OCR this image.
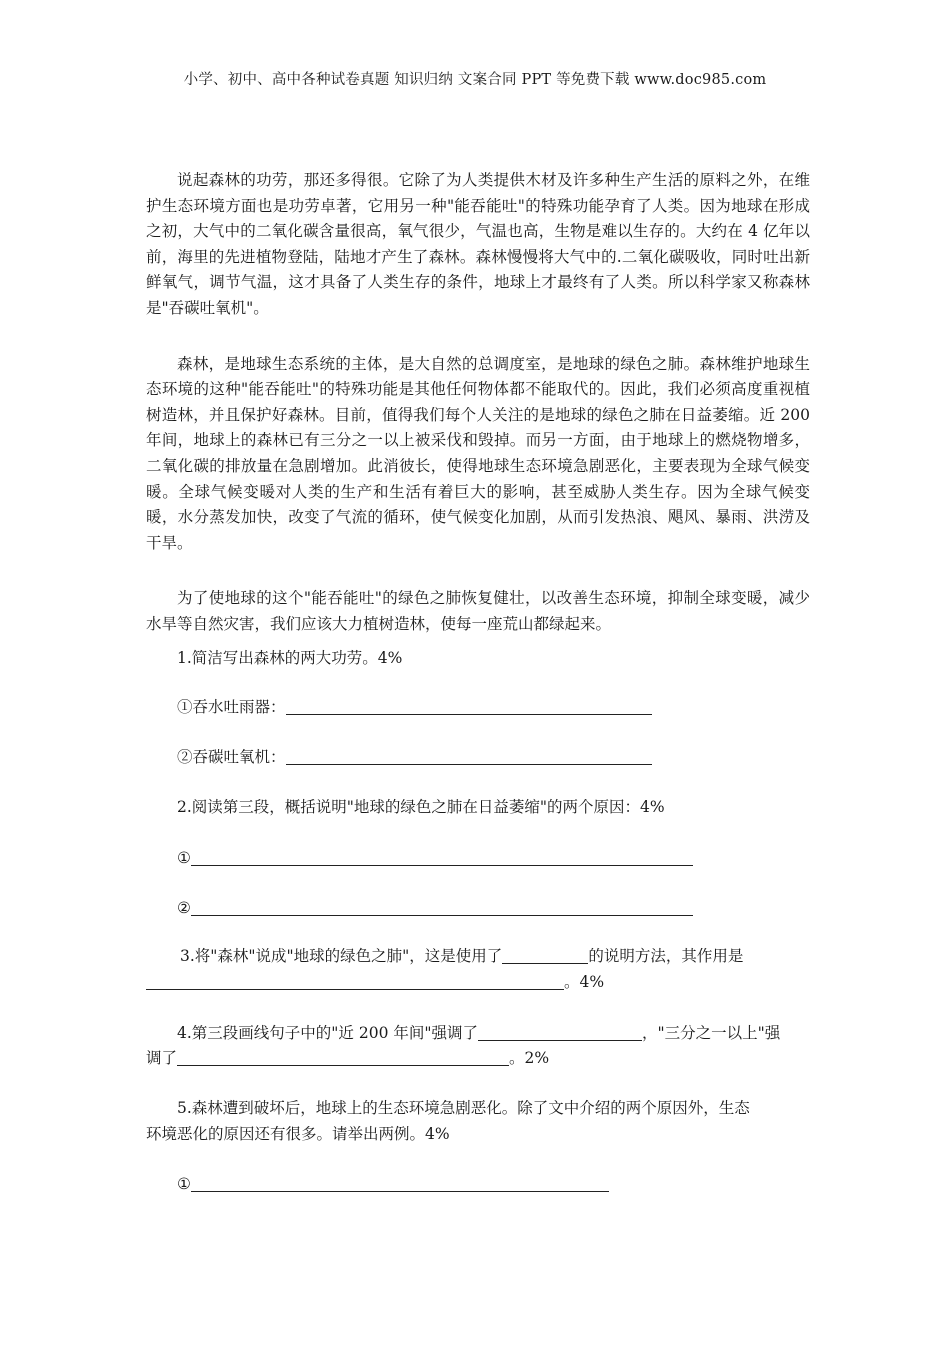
小学、初中、高中各种试卷真题 知识归纳 文案合同 PPT 等免费下载 www.doc985.com

说起森林的功劳，那还多得很。它除了为人类提供木材及许多种生产生活的原料之外，在维护生态环境方面也是功劳卓著，它用另一种"能吞能吐"的特殊功能孕育了人类。因为地球在形成之初，大气中的二氧化碳含量很高，氧气很少，气温也高，生物是难以生存的。大约在 4 亿年以前，海里的先进植物登陆，陆地才产生了森林。森林慢慢将大气中的.二氧化碳吸收，同时吐出新鲜氧气，调节气温，这才具备了人类生存的条件，地球上才最终有了人类。所以科学家又称森林是"吞碳吐氧机"。

森林，是地球生态系统的主体，是大自然的总调度室，是地球的绿色之肺。森林维护地球生态环境的这种"能吞能吐"的特殊功能是其他任何物体都不能取代的。因此，我们必须高度重视植树造林，并且保护好森林。目前，值得我们每个人关注的是地球的绿色之肺在日益萎缩。近 200 年间，地球上的森林已有三分之一以上被采伐和毁掉。而另一方面，由于地球上的燃烧物增多，二氧化碳的排放量在急剧增加。此消彼长，使得地球生态环境急剧恶化，主要表现为全球气候变暖。全球气候变暖对人类的生产和生活有着巨大的影响，甚至威胁人类生存。因为全球气候变暖，水分蒸发加快，改变了气流的循环，使气候变化加剧，从而引发热浪、飓风、暴雨、洪涝及干旱。

为了使地球的这个"能吞能吐"的绿色之肺恢复健壮，以改善生态环境，抑制全球变暖，减少水旱等自然灾害，我们应该大力植树造林，使每一座荒山都绿起来。

1.简洁写出森林的两大功劳。4%
①吞水吐雨器：
②吞碳吐氧机：
2.阅读第三段，概括说明"地球的绿色之肺在日益萎缩"的两个原因：4%
①
②
3.将"森林"说成"地球的绿色之肺"，这是使用了	的说明方法，其作用是
。4%
4.第三段画线句子中的"近 200 年间"强调了	，"三分之一以上"强
调了	。2%
5.森林遭到破坏后，地球上的生态环境急剧恶化。除了文中介绍的两个原因外，生态
环境恶化的原因还有很多。请举出两例。4%
①
